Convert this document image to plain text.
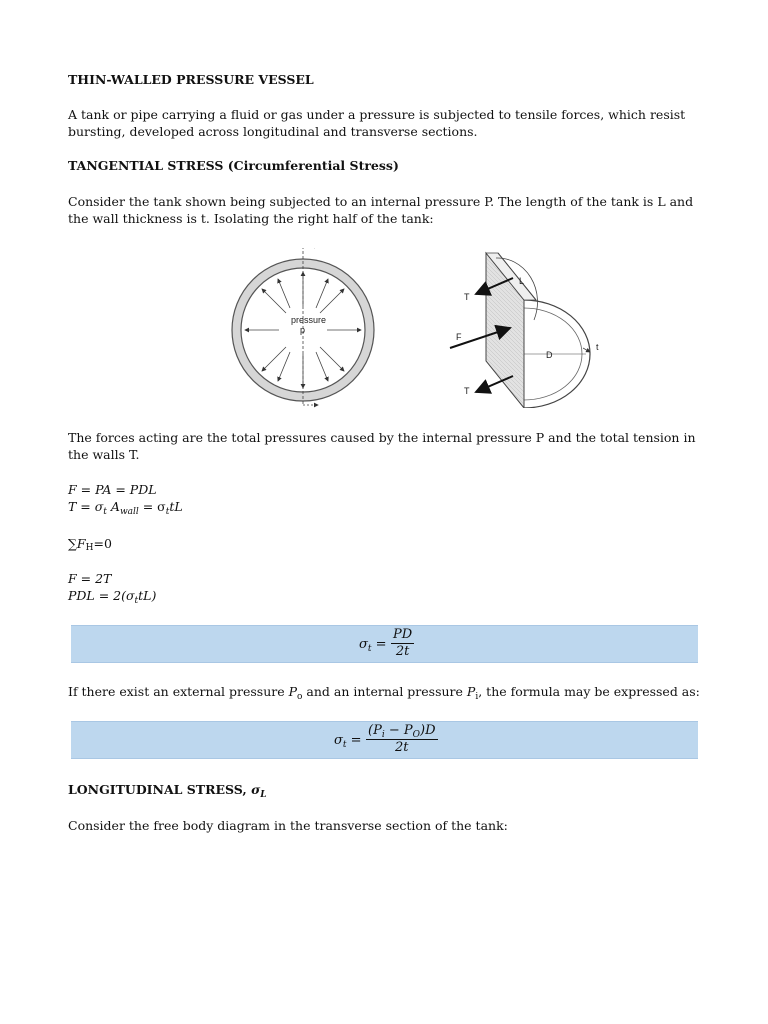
THIN-WALLED PRESSURE VESSEL
A tank or pipe carrying a fluid or gas under a pressure is subjected to tensile forces, which resist bursting, developed across longitudinal and transverse sections.
TANGENTIAL STRESS (Circumferential Stress)
Consider the tank shown being subjected to an internal pressure P. The length of the tank is L and the wall thickness is t. Isolating the right half of the tank:
The forces acting are the total pressures caused by the internal pressure P and the total tension in the walls T.
F = PA = PDL
$T = \sigma_t$ $A_{wall} = \sigma_ttL$
∑FH=0
F = 2T
PDL = $2(\sigma_ttL)$
$\sigma_t = \frac{PD}{2t}$
If there exist an external pressure $P_o$ and an internal pressure $P_i$, the formula may be expressed as:
$\sigma_t = \frac{(P_i - P_O)D}{2t}$
LONGITUDINAL STRESS, $\sigma_L$
Consider the free body diagram in the transverse section of the tank:
pressure
p
T
F
T
L
D
t
